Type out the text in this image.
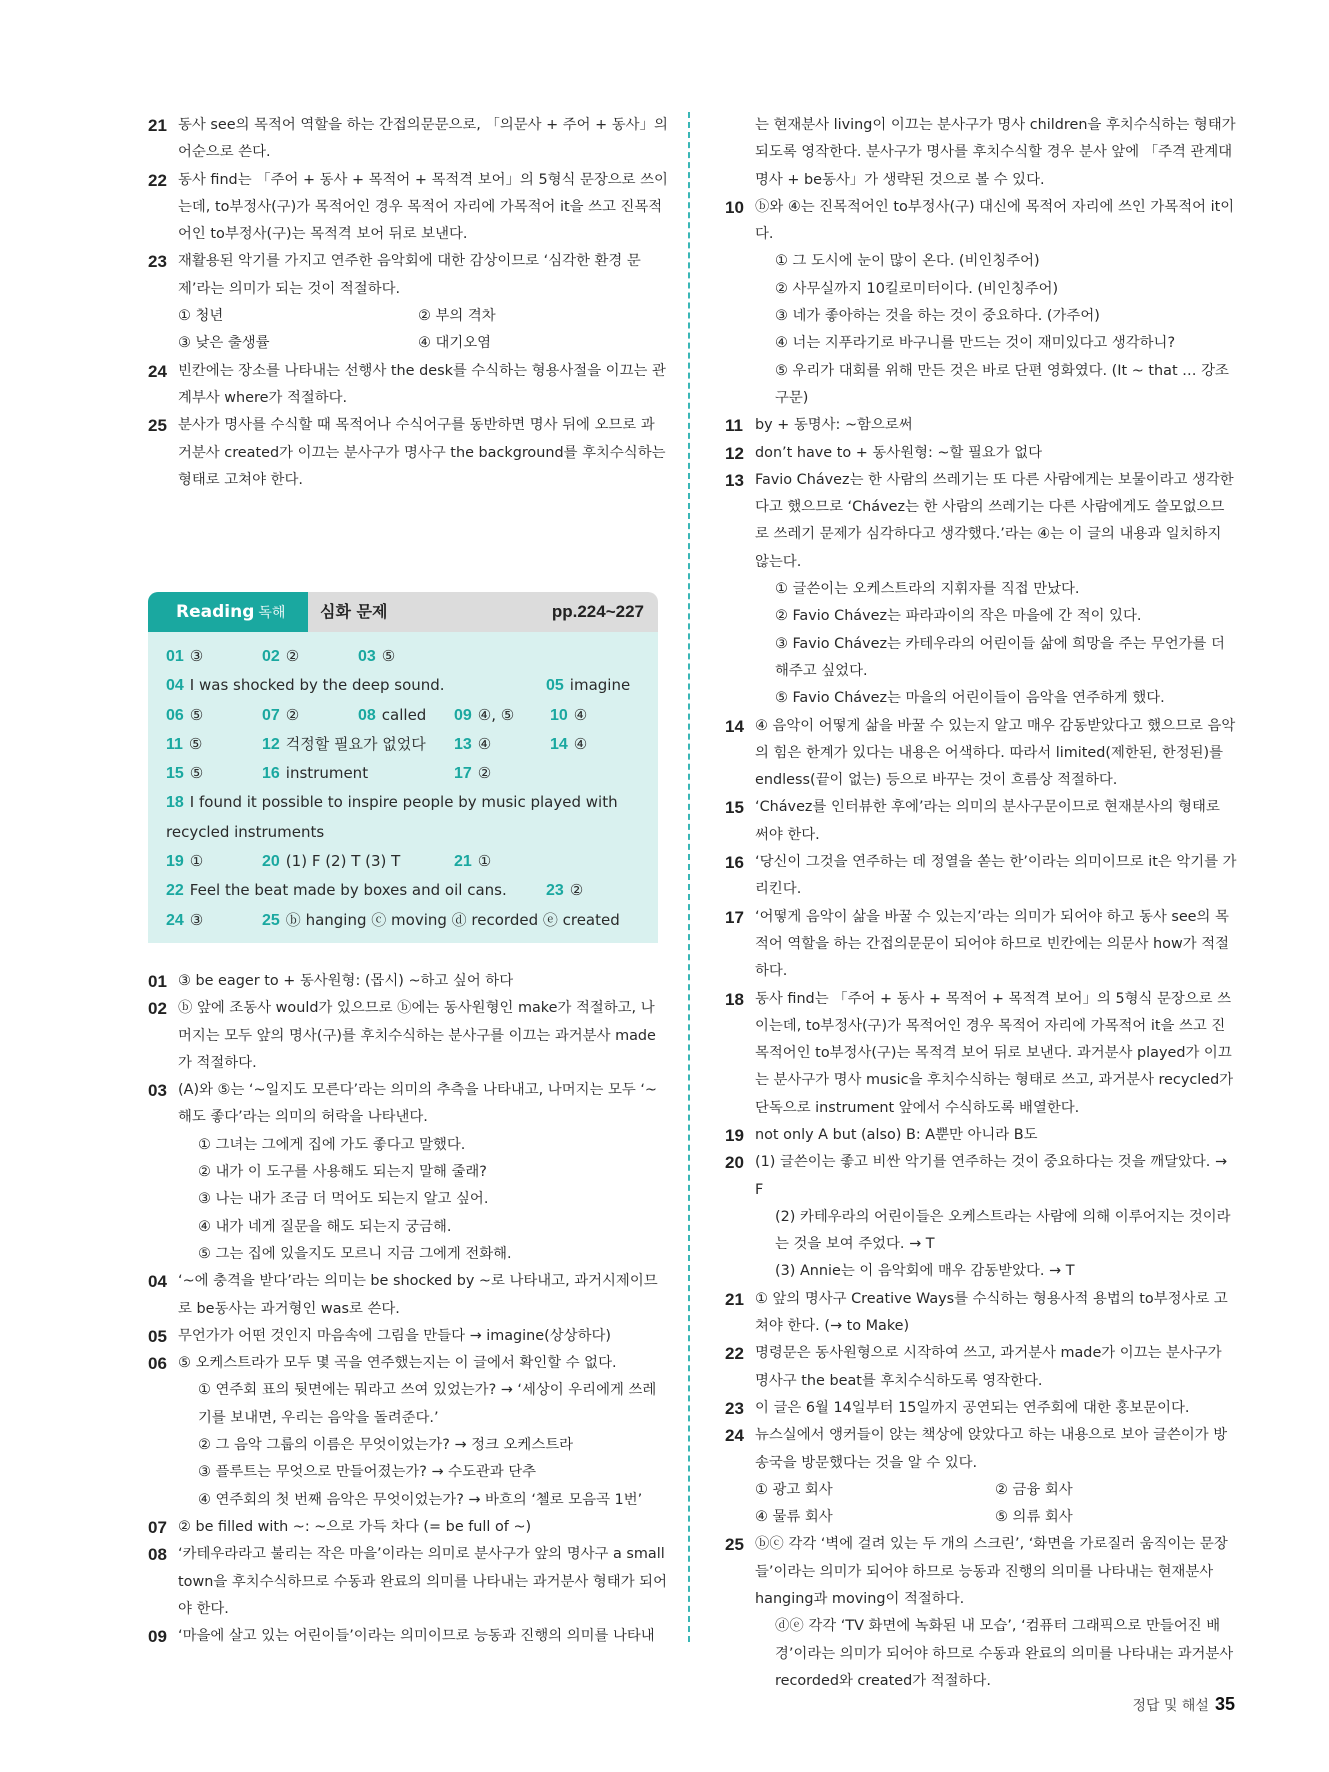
21 동사 see의 목적어 역할을 하는 간접의문문으로, 「의문사 + 주어 + 동사」의 어순으로 쓴다.
22 동사 find는 「주어 + 동사 + 목적어 + 목적격 보어」의 5형식 문장으로 쓰이는데, to부정사(구)가 목적어인 경우 목적어 자리에 가목적어 it을 쓰고 진목적어인 to부정사(구)는 목적격 보어 뒤로 보낸다.
23 재활용된 악기를 가지고 연주한 음악회에 대한 감상이므로 ‘심각한 환경 문제’라는 의미가 되는 것이 적절하다.
① 청년	② 부의 격차
③ 낮은 출생률	④ 대기오염
24 빈칸에는 장소를 나타내는 선행사 the desk를 수식하는 형용사절을 이끄는 관계부사 where가 적절하다.
25 분사가 명사를 수식할 때 목적어나 수식어구를 동반하면 명사 뒤에 오므로 과거분사 created가 이끄는 분사구가 명사구 the background를 후치수식하는 형태로 고쳐야 한다.
Reading 독해	심화 문제	pp.224~227
01 ③	02 ②	03 ⑤
04 I was shocked by the deep sound.	05 imagine
06 ⑤	07 ②	08 called 09 ④, ⑤ 10 ④
11 ⑤	12 걱정할 필요가 없었다 13 ④	14 ④
15 ⑤	16 instrument	17 ②
18 I found it possible to inspire people by music played with recycled instruments
19 ①	20 (1) F (2) T (3) T	21 ①
22 Feel the beat made by boxes and oil cans. 23 ②
24 ③	25 ⓑ hanging ⓒ moving ⓓ recorded ⓔ created
01 ③ be eager to + 동사원형: (몹시) ~하고 싶어 하다
02 ⓑ 앞에 조동사 would가 있으므로 ⓑ에는 동사원형인 make가 적절하고, 나머지는 모두 앞의 명사(구)를 후치수식하는 분사구를 이끄는 과거분사 made가 적절하다.
03 (A)와 ⑤는 ‘~일지도 모른다’라는 의미의 추측을 나타내고, 나머지는 모두 ‘~해도 좋다’라는 의미의 허락을 나타낸다.
① 그녀는 그에게 집에 가도 좋다고 말했다.
② 내가 이 도구를 사용해도 되는지 말해 줄래?
③ 나는 내가 조금 더 먹어도 되는지 알고 싶어.
④ 내가 네게 질문을 해도 되는지 궁금해.
⑤ 그는 집에 있을지도 모르니 지금 그에게 전화해.
04 ‘~에 충격을 받다’라는 의미는 be shocked by ~로 나타내고, 과거시제이므로 be동사는 과거형인 was로 쓴다.
05 무언가가 어떤 것인지 마음속에 그림을 만들다 → imagine(상상하다)
06 ⑤ 오케스트라가 모두 몇 곡을 연주했는지는 이 글에서 확인할 수 없다.
① 연주회 표의 뒷면에는 뭐라고 쓰여 있었는가? → ‘세상이 우리에게 쓰레기를 보내면, 우리는 음악을 돌려준다.’
② 그 음악 그룹의 이름은 무엇이었는가? → 정크 오케스트라
③ 플루트는 무엇으로 만들어졌는가? → 수도관과 단추
④ 연주회의 첫 번째 음악은 무엇이었는가? → 바흐의 ‘첼로 모음곡 1번’
07 ② be filled with ~: ~으로 가득 차다 (= be full of ~)
08 ‘카테우라라고 불리는 작은 마을’이라는 의미로 분사구가 앞의 명사구 a small town을 후치수식하므로 수동과 완료의 의미를 나타내는 과거분사 형태가 되어야 한다.
09 ‘마을에 살고 있는 어린이들’이라는 의미이므로 능동과 진행의 의미를 나타내
는 현재분사 living이 이끄는 분사구가 명사 children을 후치수식하는 형태가 되도록 영작한다. 분사구가 명사를 후치수식할 경우 분사 앞에 「주격 관계대명사 + be동사」가 생략된 것으로 볼 수 있다.
10 ⓑ와 ④는 진목적어인 to부정사(구) 대신에 목적어 자리에 쓰인 가목적어 it이다.
① 그 도시에 눈이 많이 온다. (비인칭주어)
② 사무실까지 10킬로미터이다. (비인칭주어)
③ 네가 좋아하는 것을 하는 것이 중요하다. (가주어)
④ 너는 지푸라기로 바구니를 만드는 것이 재미있다고 생각하니?
⑤ 우리가 대회를 위해 만든 것은 바로 단편 영화였다. (It ~ that … 강조 구문)
11 by + 동명사: ~함으로써
12 don’t have to + 동사원형: ~할 필요가 없다
13 Favio Chávez는 한 사람의 쓰레기는 또 다른 사람에게는 보물이라고 생각한다고 했으므로 ‘Chávez는 한 사람의 쓰레기는 다른 사람에게도 쓸모없으므로 쓰레기 문제가 심각하다고 생각했다.’라는 ④는 이 글의 내용과 일치하지 않는다.
① 글쓴이는 오케스트라의 지휘자를 직접 만났다.
② Favio Chávez는 파라과이의 작은 마을에 간 적이 있다.
③ Favio Chávez는 카테우라의 어린이들 삶에 희망을 주는 무언가를 더해주고 싶었다.
⑤ Favio Chávez는 마을의 어린이들이 음악을 연주하게 했다.
14 ④ 음악이 어떻게 삶을 바꿀 수 있는지 알고 매우 감동받았다고 했으므로 음악의 힘은 한계가 있다는 내용은 어색하다. 따라서 limited(제한된, 한정된)를 endless(끝이 없는) 등으로 바꾸는 것이 흐름상 적절하다.
15 ‘Chávez를 인터뷰한 후에’라는 의미의 분사구문이므로 현재분사의 형태로 써야 한다.
16 ‘당신이 그것을 연주하는 데 정열을 쏟는 한’이라는 의미이므로 it은 악기를 가리킨다.
17 ‘어떻게 음악이 삶을 바꿀 수 있는지’라는 의미가 되어야 하고 동사 see의 목적어 역할을 하는 간접의문문이 되어야 하므로 빈칸에는 의문사 how가 적절하다.
18 동사 find는 「주어 + 동사 + 목적어 + 목적격 보어」의 5형식 문장으로 쓰이는데, to부정사(구)가 목적어인 경우 목적어 자리에 가목적어 it을 쓰고 진목적어인 to부정사(구)는 목적격 보어 뒤로 보낸다. 과거분사 played가 이끄는 분사구가 명사 music을 후치수식하는 형태로 쓰고, 과거분사 recycled가 단독으로 instrument 앞에서 수식하도록 배열한다.
19 not only A but (also) B: A뿐만 아니라 B도
20 (1) 글쓴이는 좋고 비싼 악기를 연주하는 것이 중요하다는 것을 깨달았다. → F
(2) 카테우라의 어린이들은 오케스트라는 사람에 의해 이루어지는 것이라는 것을 보여 주었다. → T
(3) Annie는 이 음악회에 매우 감동받았다. → T
21 ① 앞의 명사구 Creative Ways를 수식하는 형용사적 용법의 to부정사로 고쳐야 한다. (→ to Make)
22 명령문은 동사원형으로 시작하여 쓰고, 과거분사 made가 이끄는 분사구가 명사구 the beat를 후치수식하도록 영작한다.
23 이 글은 6월 14일부터 15일까지 공연되는 연주회에 대한 홍보문이다.
24 뉴스실에서 앵커들이 앉는 책상에 앉았다고 하는 내용으로 보아 글쓴이가 방송국을 방문했다는 것을 알 수 있다.
① 광고 회사	② 금융 회사
④ 물류 회사	⑤ 의류 회사
25 ⓑⓒ 각각 ‘벽에 걸려 있는 두 개의 스크린’, ‘화면을 가로질러 움직이는 문장들’이라는 의미가 되어야 하므로 능동과 진행의 의미를 나타내는 현재분사 hanging과 moving이 적절하다.
ⓓⓔ 각각 ‘TV 화면에 녹화된 내 모습’, ‘컴퓨터 그래픽으로 만들어진 배경’이라는 의미가 되어야 하므로 수동과 완료의 의미를 나타내는 과거분사 recorded와 created가 적절하다.
정답 및 해설 35
